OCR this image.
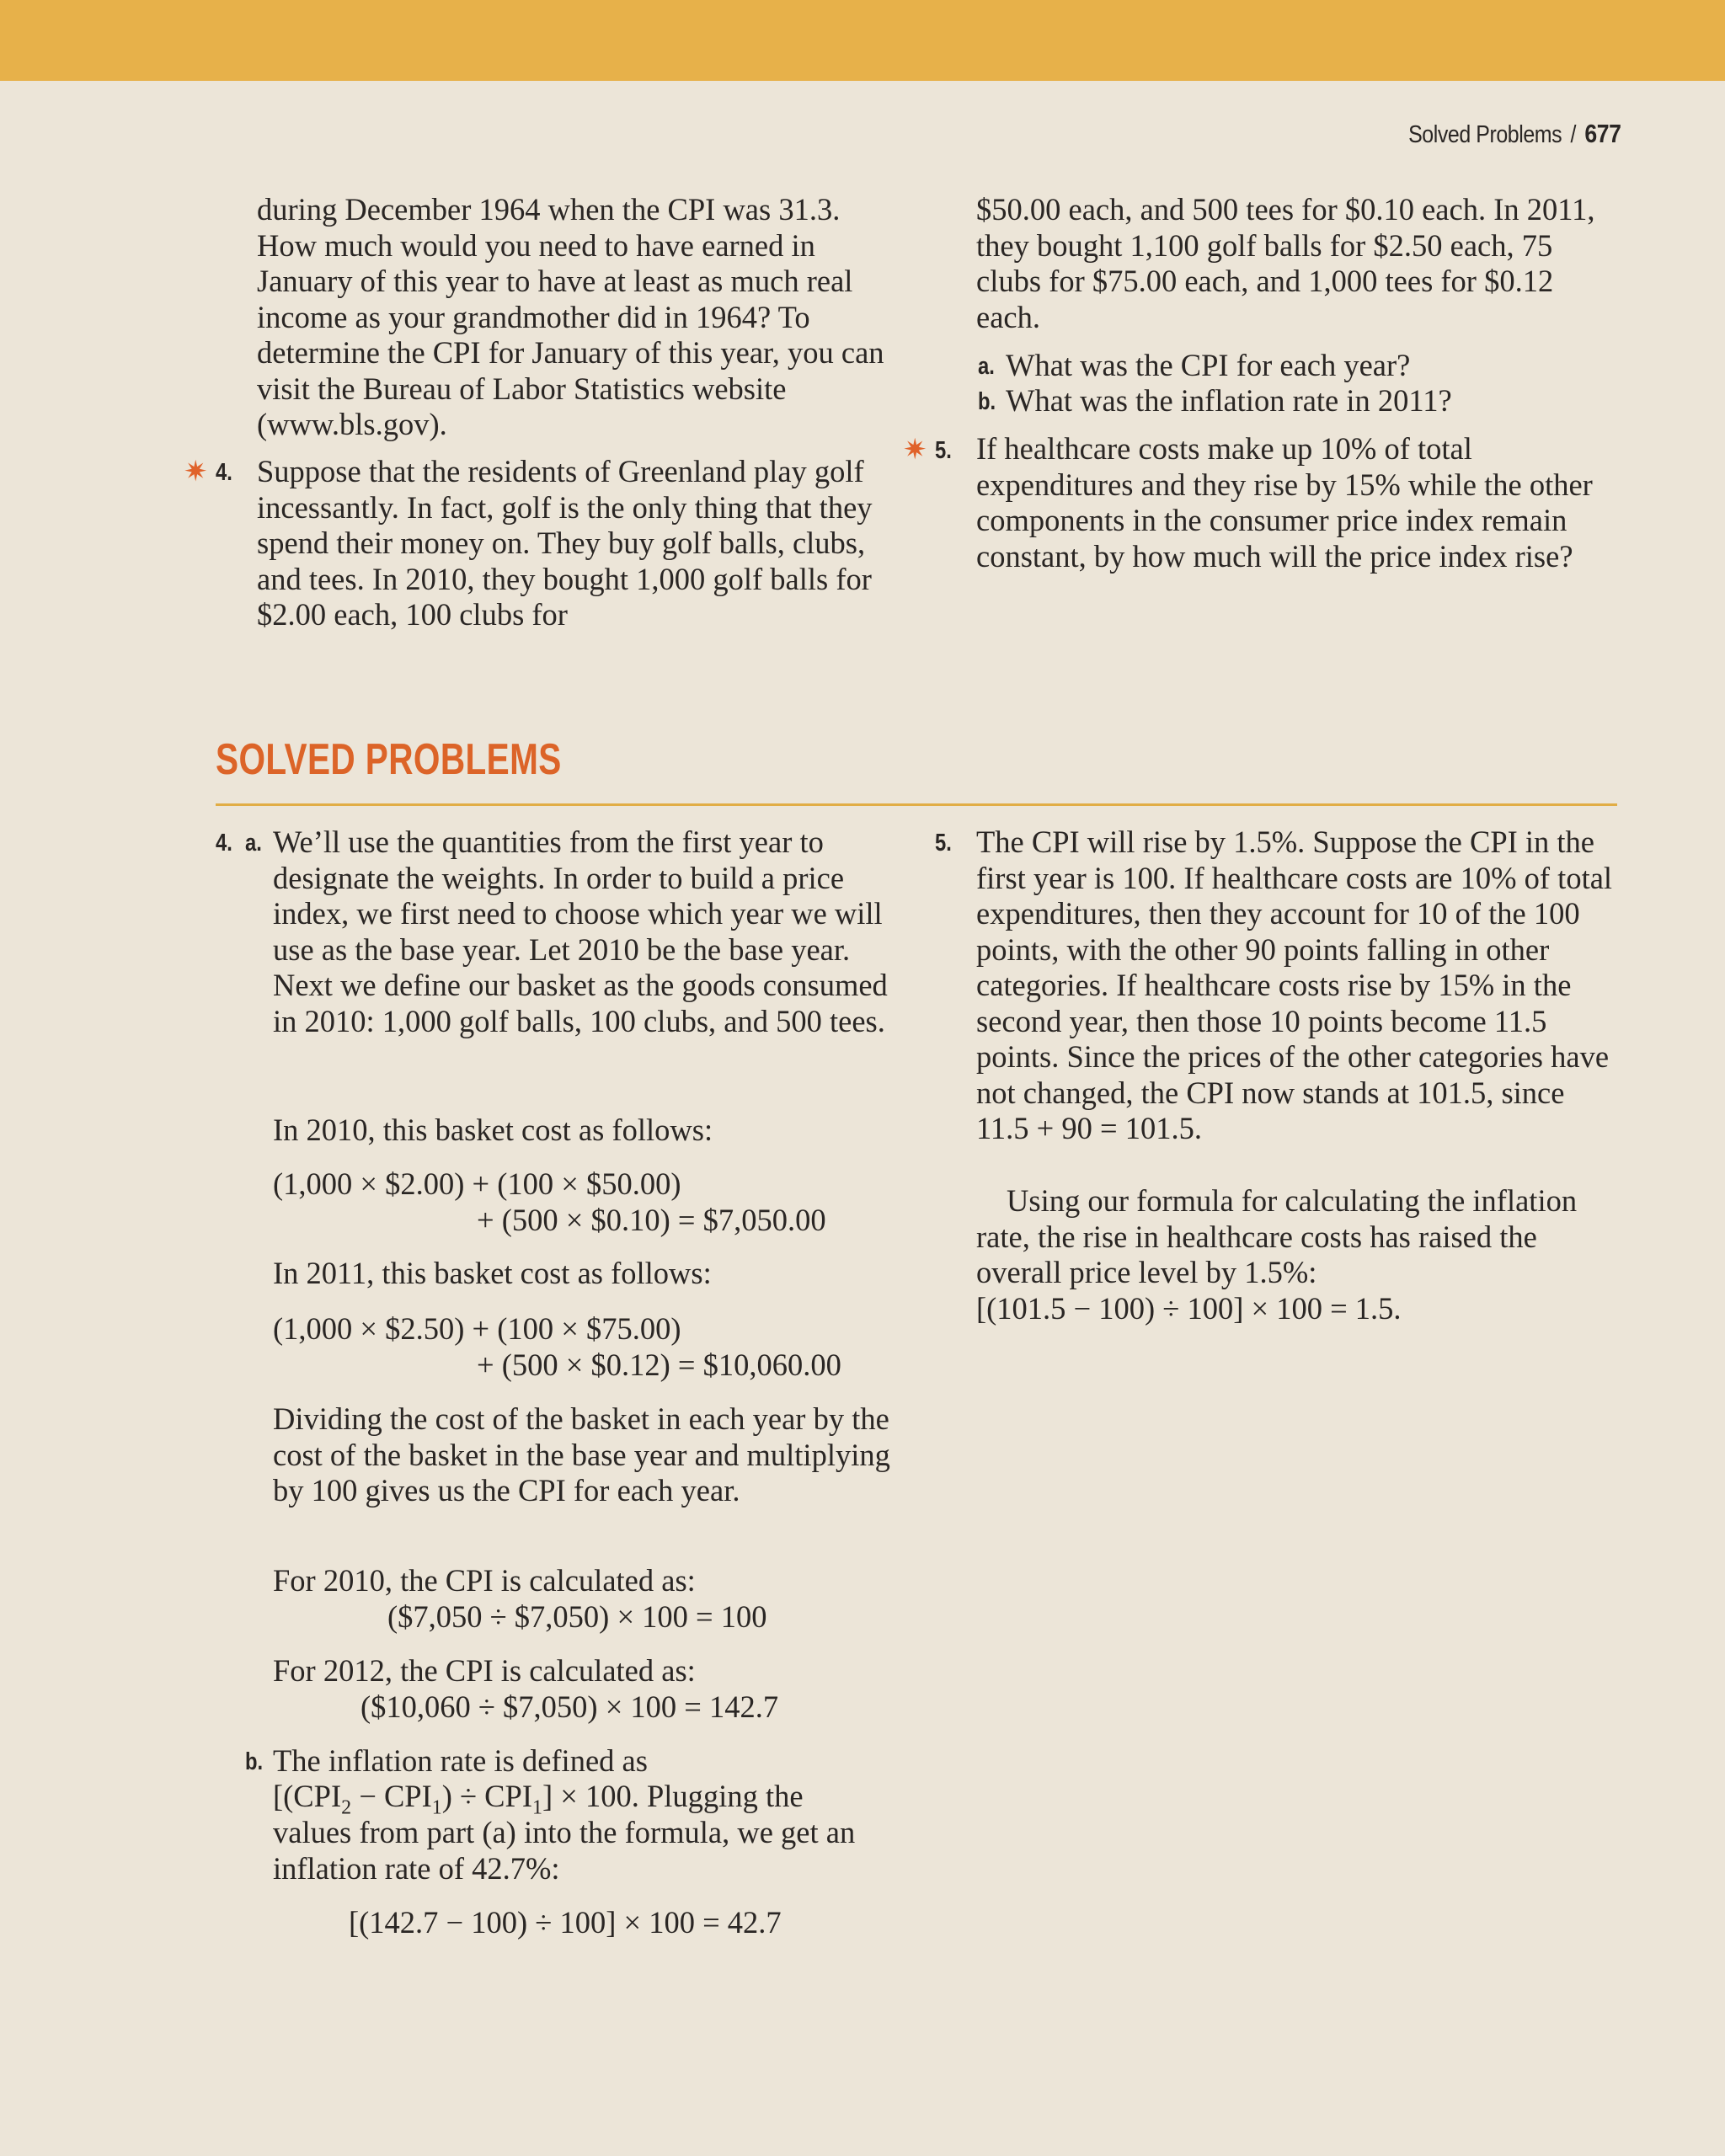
Solved Problems / 677

during December 1964 when the CPI was 31.3. How much would you need to have earned in January of this year to have at least as much real income as your grandmother did in 1964? To determine the CPI for January of this year, you can visit the Bureau of Labor Statistics website (www.bls.gov).

✷ 4. Suppose that the residents of Greenland play golf incessantly. In fact, golf is the only thing that they spend their money on. They buy golf balls, clubs, and tees. In 2010, they bought 1,000 golf balls for $2.00 each, 100 clubs for

$50.00 each, and 500 tees for $0.10 each. In 2011, they bought 1,100 golf balls for $2.50 each, 75 clubs for $75.00 each, and 1,000 tees for $0.12 each.

a. What was the CPI for each year?

b. What was the inflation rate in 2011?

✷ 5. If healthcare costs make up 10% of total expenditures and they rise by 15% while the other components in the consumer price index remain constant, by how much will the price index rise?

SOLVED PROBLEMS
4. a. We’ll use the quantities from the first year to designate the weights. In order to build a price index, we first need to choose which year we will use as the base year. Let 2010 be the base year. Next we define our basket as the goods consumed in 2010: 1,000 golf balls, 100 clubs, and 500 tees.

In 2010, this basket cost as follows:

(1,000 × $2.00) + (100 × $50.00)
+ (500 × $0.10) = $7,050.00

In 2011, this basket cost as follows:

(1,000 × $2.50) + (100 × $75.00)
+ (500 × $0.12) = $10,060.00

Dividing the cost of the basket in each year by the cost of the basket in the base year and multiplying by 100 gives us the CPI for each year.

For 2010, the CPI is calculated as:

($7,050 ÷ $7,050) × 100 = 100

For 2012, the CPI is calculated as:

($10,060 ÷ $7,050) × 100 = 142.7
b. The inflation rate is defined as

$[(CPI_2 - CPI_1) \div CPI_1] \times 100$. Plugging the

values from part (a) into the formula, we get an inflation rate of 42.7%:

[(142.7 − 100) ÷ 100] × 100 = 42.7
5. The CPI will rise by 1.5%. Suppose the CPI in the first year is 100. If healthcare costs are 10% of total expenditures, then they account for 10 of the 100 points, with the other 90 points falling in other categories. If healthcare costs rise by 15% in the second year, then those 10 points become 11.5 points. Since the prices of the other categories have not changed, the CPI now stands at 101.5, since 11.5 + 90 = 101.5.

Using our formula for calculating the inflation rate, the rise in healthcare costs has raised the overall price level by 1.5%:

[(101.5 − 100) ÷ 100] × 100 = 1.5.
